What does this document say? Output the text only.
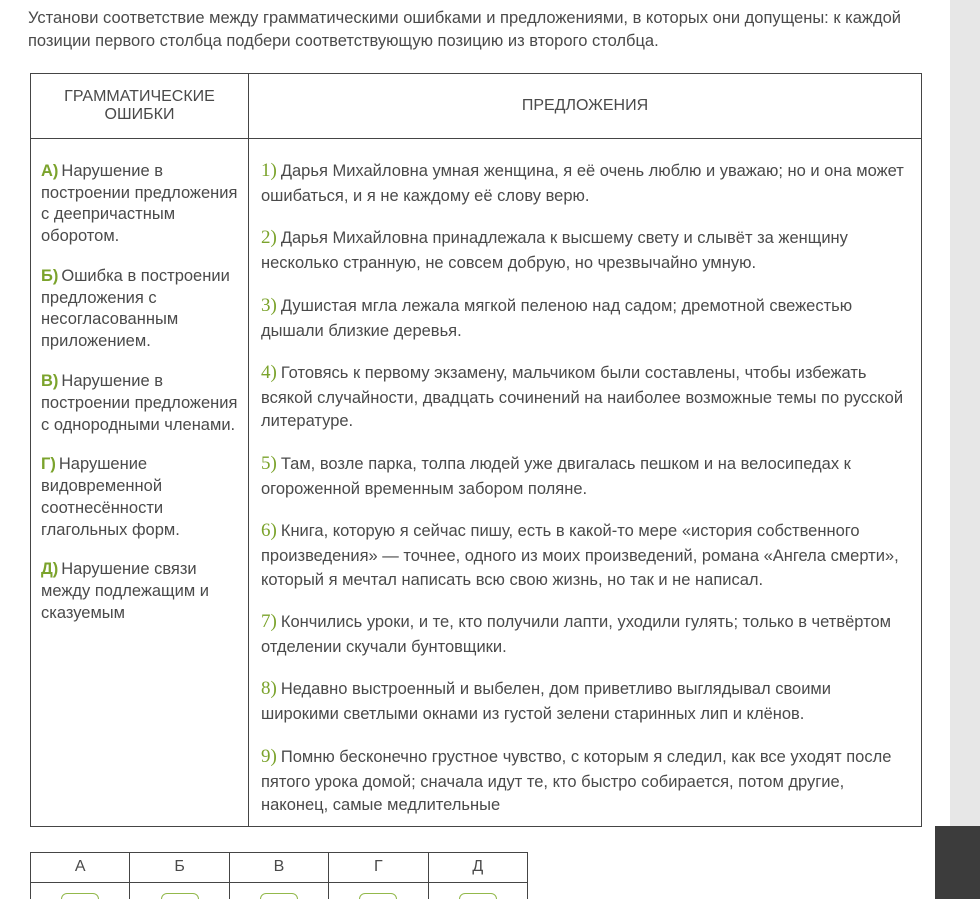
Установи соответствие между грамматическими ошибками и предложениями, в которых они допущены: к каждой позиции первого столбца подбери соответствующую позицию из второго столбца.

ГРАММАТИЧЕСКИЕ ОШИБКИ	ПРЕДЛОЖЕНИЯ

А) Нарушение в построении предложения с деепричастным оборотом.

Б) Ошибка в построении предложения с несогласованным приложением.

В) Нарушение в построении предложения с однородными членами.

Г) Нарушение видовременной соотнесённости глагольных форм.

Д) Нарушение связи между подлежащим и сказуемым

1) Дарья Михайловна умная женщина, я её очень люблю и уважаю; но и она может ошибаться, и я не каждому её слову верю.

2) Дарья Михайловна принадлежала к высшему свету и слывёт за женщину несколько странную, не совсем добрую, но чрезвычайно умную.

3) Душистая мгла лежала мягкой пеленою над садом; дремотной свежестью дышали близкие деревья.

4) Готовясь к первому экзамену, мальчиком были составлены, чтобы избежать всякой случайности, двадцать сочинений на наиболее возможные темы по русской литературе.

5) Там, возле парка, толпа людей уже двигалась пешком и на велосипедах к огороженной временным забором поляне.

6) Книга, которую я сейчас пишу, есть в какой-то мере «история собственного произведения» — точнее, одного из моих произведений, романа «Ангела смерти», который я мечтал написать всю свою жизнь, но так и не написал.

7) Кончились уроки, и те, кто получили лапти, уходили гулять; только в четвёртом отделении скучали бунтовщики.

8) Недавно выстроенный и выбелен, дом приветливо выглядывал своими широкими светлыми окнами из густой зелени старинных лип и клёнов.

9) Помню бесконечно грустное чувство, с которым я следил, как все уходят после пятого урока домой; сначала идут те, кто быстро собирается, потом другие, наконец, самые медлительные

А	Б	В	Г	Д
